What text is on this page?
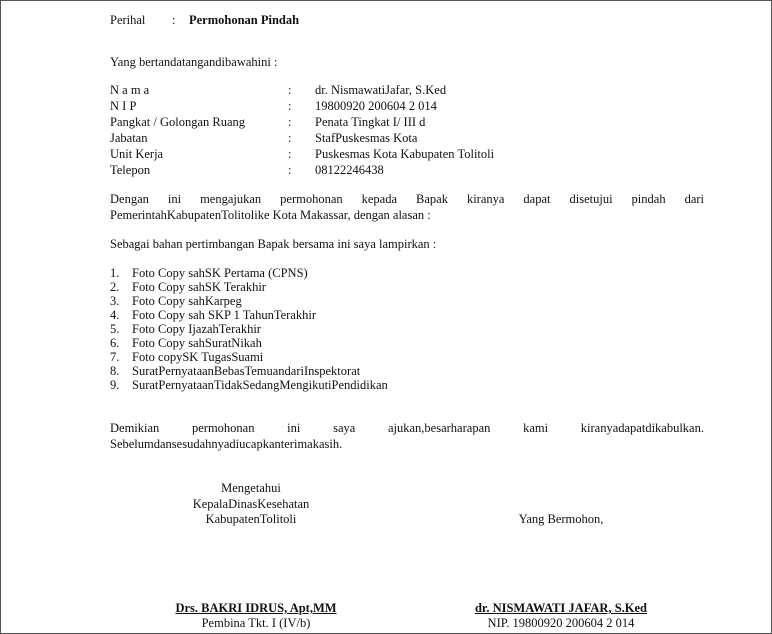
Perihal : Permohonan Pindah
Yang bertandatangandibawahini :
N a m a	: dr. NismawatiJafar, S.Ked
N I P	: 19800920 200604 2 014
Pangkat / Golongan Ruang	: Penata Tingkat I/ III d
Jabatan	: StafPuskesmas Kota
Unit Kerja	: Puskesmas Kota Kabupaten Tolitoli
Telepon	: 08122246438
Dengan ini mengajukan permohonan kepada Bapak kiranya dapat disetujui pindah dari
PemerintahKabupatenTolitolike Kota Makassar, dengan alasan :
Sebagai bahan pertimbangan Bapak bersama ini saya lampirkan :
1. Foto Copy sahSK Pertama (CPNS)
2. Foto Copy sahSK Terakhir
3. Foto Copy sahKarpeg
4. Foto Copy sah SKP 1 TahunTerakhir
5. Foto Copy IjazahTerakhir
6. Foto Copy sahSuratNikah
7. Foto copySK TugasSuami
8. SuratPernyataanBebasTemuandariInspektorat
9. SuratPernyataanTidakSedangMengikutiPendidikan
Demikian permohonan ini saya ajukan,besarharapan kami kiranyadapatdikabulkan.
Sebelumdansesudahnyadiucapkanterimakasih.
Mengetahui
KepalaDinasKesehatan
KabupatenTolitoli
Drs. BAKRI IDRUS, Apt,MM
Pembina Tkt. I (IV/b)
Yang Bermohon,
dr. NISMAWATI JAFAR, S.Ked
NIP. 19800920 200604 2 014
